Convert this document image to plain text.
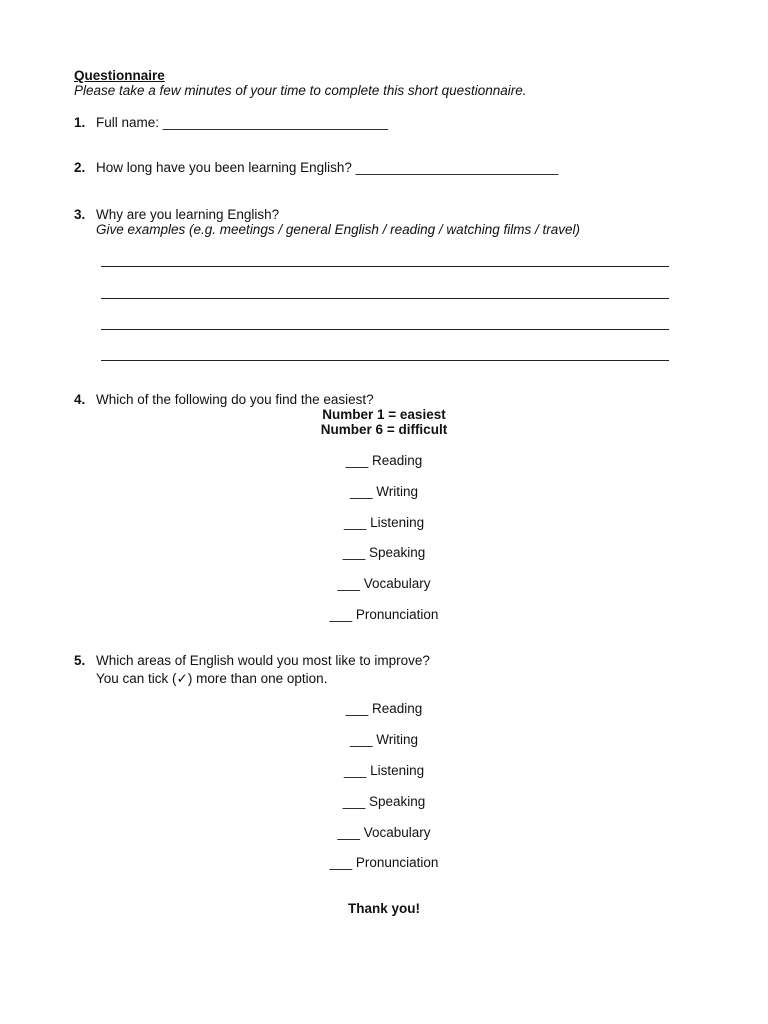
Questionnaire
Please take a few minutes of your time to complete this short questionnaire.
1. Full name: ______________________________
2. How long have you been learning English? ___________________________
3. Why are you learning English?
Give examples (e.g. meetings / general English / reading / watching films / travel)
4. Which of the following do you find the easiest?
Number 1 = easiest
Number 6 = difficult
___ Reading
___ Writing
___ Listening
___ Speaking
___ Vocabulary
___ Pronunciation
5. Which areas of English would you most like to improve?
You can tick (✓) more than one option.
___ Reading
___ Writing
___ Listening
___ Speaking
___ Vocabulary
___ Pronunciation
Thank you!
